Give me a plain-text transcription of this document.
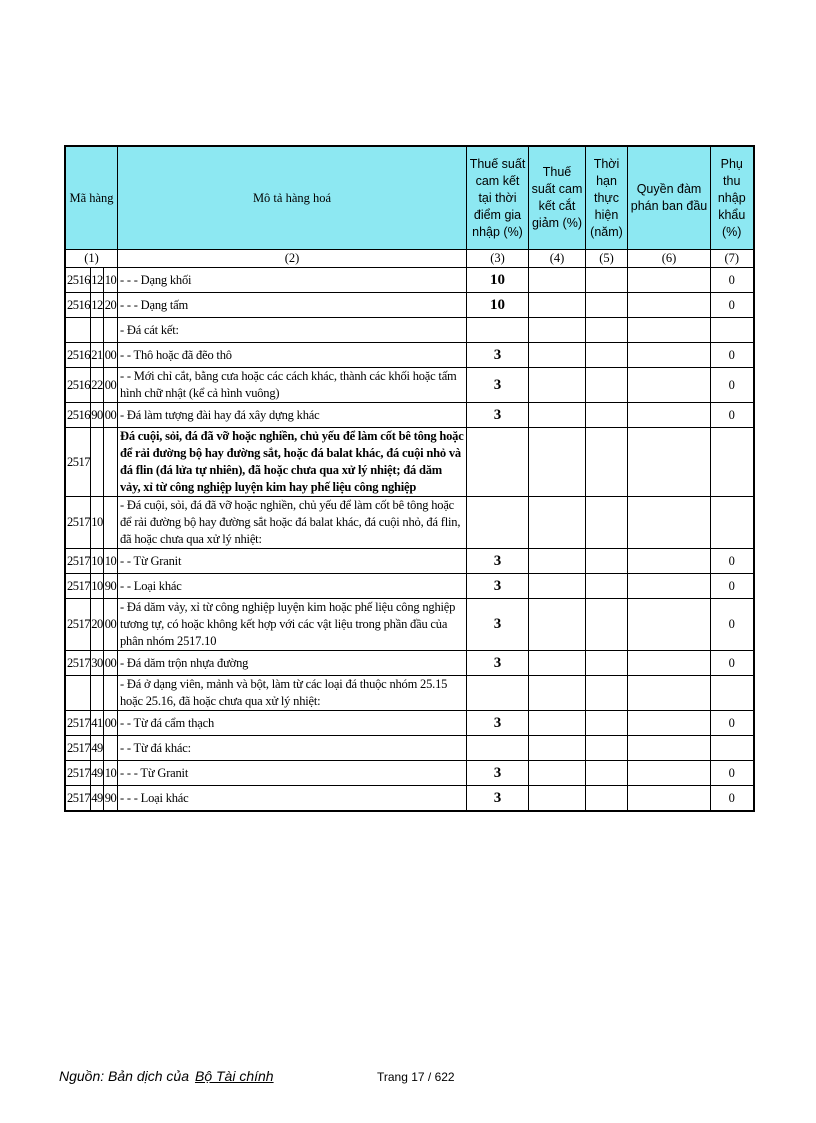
Mã hàng			Mô tả hàng hoá	Thuế suất cam kết tại thời điểm gia nhập (%)	Thuế suất cam kết cắt giảm (%)	Thời hạn thực hiện (năm)	Quyền đàm phán ban đầu	Phụ thu nhập khẩu (%)
(1)			(2)	(3)	(4)	(5)	(6)	(7)
2516	12	10	- - - Dạng khối	10				0
2516	12	20	- - - Dạng tấm	10				0
			- Đá cát kết:					
2516	21	00	- - Thô hoặc đã đẽo thô	3				0
2516	22	00	- - Mới chỉ cắt, bằng cưa hoặc các cách khác, thành các khối hoặc tấm hình chữ nhật (kể cả hình vuông)	3				0
2516	90	00	- Đá làm tượng đài hay đá xây dựng khác	3				0
2517			Đá cuội, sỏi, đá đã vỡ hoặc nghiền, chủ yếu để làm cốt bê tông hoặc để rải đường bộ hay đường sắt, hoặc đá balat khác, đá cuội nhỏ và đá flin (đá lửa tự nhiên), đã hoặc chưa qua xử lý nhiệt; đá dăm vảy, xỉ từ công nghiệp luyện kim hay phế liệu công nghiệp					
2517	10		- Đá cuội, sỏi, đá đã vỡ hoặc nghiền, chủ yếu để làm cốt bê tông hoặc để rải đường bộ hay đường sắt hoặc đá balat khác, đá cuội nhỏ, đá flin, đã hoặc chưa qua xử lý nhiệt:					
2517	10	10	- - Từ Granit	3				0
2517	10	90	- - Loại khác	3				0
2517	20	00	- Đá dăm vảy, xỉ từ công nghiệp luyện kim hoặc phế liệu công nghiệp tương tự, có hoặc không kết hợp với các vật liệu trong phần đầu của phân nhóm 2517.10	3				0
2517	30	00	- Đá dăm trộn nhựa đường	3				0
			- Đá ở dạng viên, mảnh và bột, làm từ các loại đá thuộc nhóm 25.15 hoặc 25.16, đã hoặc chưa qua xử lý nhiệt:					
2517	41	00	- - Từ đá cẩm thạch	3				0
2517	49		- - Từ đá khác:					
2517	49	10	- - - Từ Granit	3				0
2517	49	90	- - - Loại khác	3				0
Nguồn: Bản dịch của Bộ Tài chính	Trang 17 / 622
